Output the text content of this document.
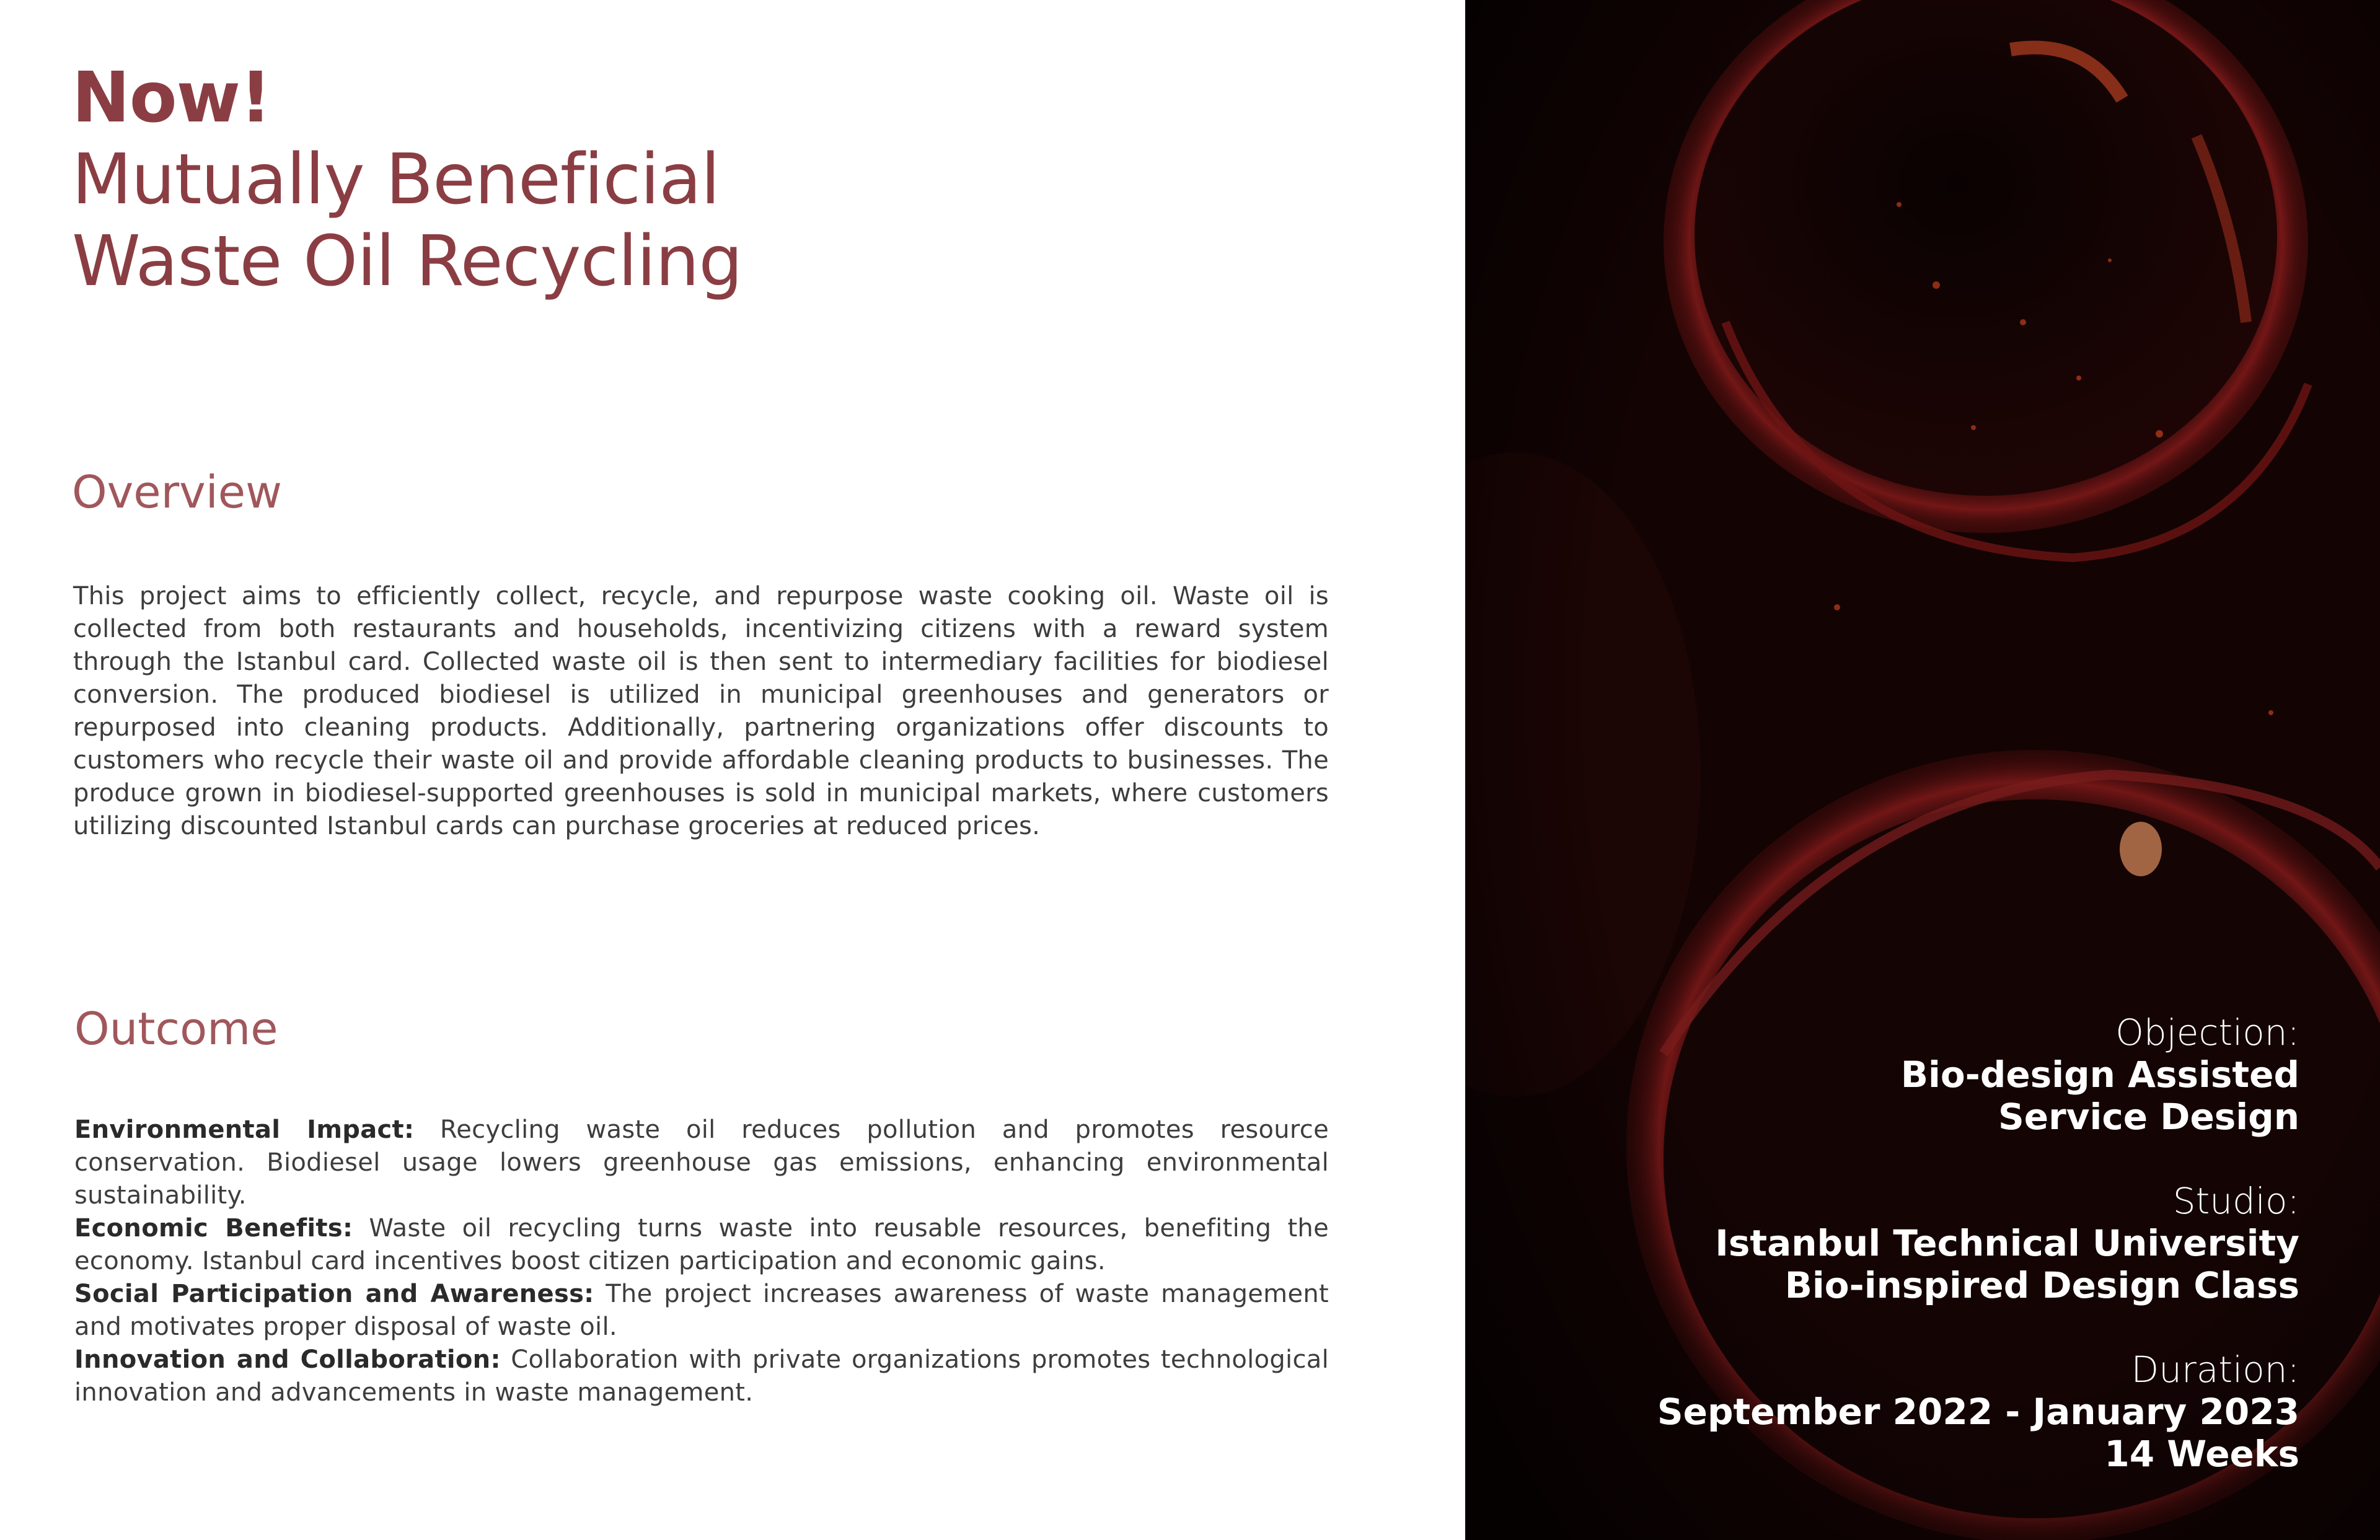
Now!
Mutually Beneficial
Waste Oil Recycling
Overview

This project aims to efficiently collect, recycle, and repurpose waste cooking oil. Waste oil is collected from both restaurants and households, incentivizing citizens with a reward system through the Istanbul card. Collected waste oil is then sent to intermediary facilities for biodiesel conversion. The produced biodiesel is utilized in municipal greenhouses and generators or repurposed into cleaning products. Additionally, partnering organizations offer discounts to customers who recycle their waste oil and provide affordable cleaning products to businesses. The produce grown in biodiesel-supported greenhouses is sold in municipal markets, where customers utilizing discounted Istanbul cards can purchase groceries at reduced prices.

Outcome

Environmental Impact: Recycling waste oil reduces pollution and promotes resource conservation. Biodiesel usage lowers greenhouse gas emissions, enhancing environmental sustainability.

Economic Benefits: Waste oil recycling turns waste into reusable resources, benefiting the economy. Istanbul card incentives boost citizen participation and economic gains.

Social Participation and Awareness: The project increases awareness of waste management and motivates proper disposal of waste oil.

Innovation and Collaboration: Collaboration with private organizations promotes technological innovation and advancements in waste management.

Objection:
Bio-design Assisted
Service Design
Studio:
Istanbul Technical University
Bio-inspired Design Class
Duration:
September 2022 - January 2023
14 Weeks
